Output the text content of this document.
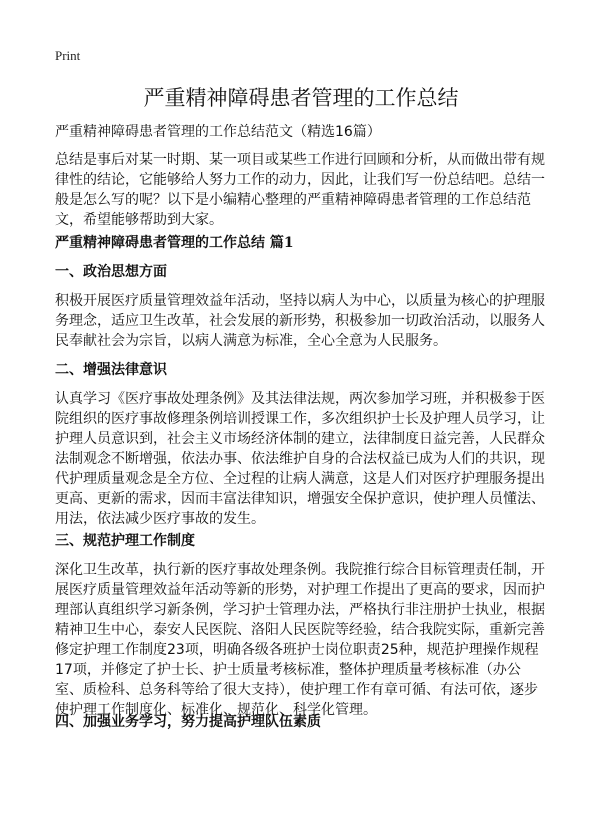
Print
严重精神障碍患者管理的工作总结

严重精神障碍患者管理的工作总结范文（精选16篇）

总结是事后对某一时期、某一项目或某些工作进行回顾和分析，从而做出带有规律性的结论，它能够给人努力工作的动力，因此，让我们写一份总结吧。总结一般是怎么写的呢？以下是小编精心整理的严重精神障碍患者管理的工作总结范文，希望能够帮助到大家。

严重精神障碍患者管理的工作总结 篇1
一、政治思想方面

积极开展医疗质量管理效益年活动，坚持以病人为中心，以质量为核心的护理服务理念，适应卫生改革，社会发展的新形势，积极参加一切政治活动，以服务人民奉献社会为宗旨，以病人满意为标准，全心全意为人民服务。

二、增强法律意识

认真学习《医疗事故处理条例》及其法律法规，两次参加学习班，并积极参于医院组织的医疗事故修理条例培训授课工作，多次组织护士长及护理人员学习，让护理人员意识到，社会主义市场经济体制的建立，法律制度日益完善，人民群众法制观念不断增强，依法办事、依法维护自身的合法权益已成为人们的共识，现代护理质量观念是全方位、全过程的让病人满意，这是人们对医疗护理服务提出更高、更新的需求，因而丰富法律知识，增强安全保护意识，使护理人员懂法、用法，依法减少医疗事故的发生。

三、规范护理工作制度

深化卫生改革，执行新的医疗事故处理条例。我院推行综合目标管理责任制，开展医疗质量管理效益年活动等新的形势，对护理工作提出了更高的要求，因而护理部认真组织学习新条例，学习护士管理办法，严格执行非注册护士执业，根据精神卫生中心，泰安人民医院、洛阳人民医院等经验，结合我院实际，重新完善修定护理工作制度23项，明确各级各班护士岗位职责25种，规范护理操作规程17项，并修定了护士长、护士质量考核标准，整体护理质量考核标准（办公室、质检科、总务科等给了很大支持），使护理工作有章可循、有法可依，逐步使护理工作制度化、标准化、规范化、科学化管理。

四、加强业务学习，努力提高护理队伍素质
